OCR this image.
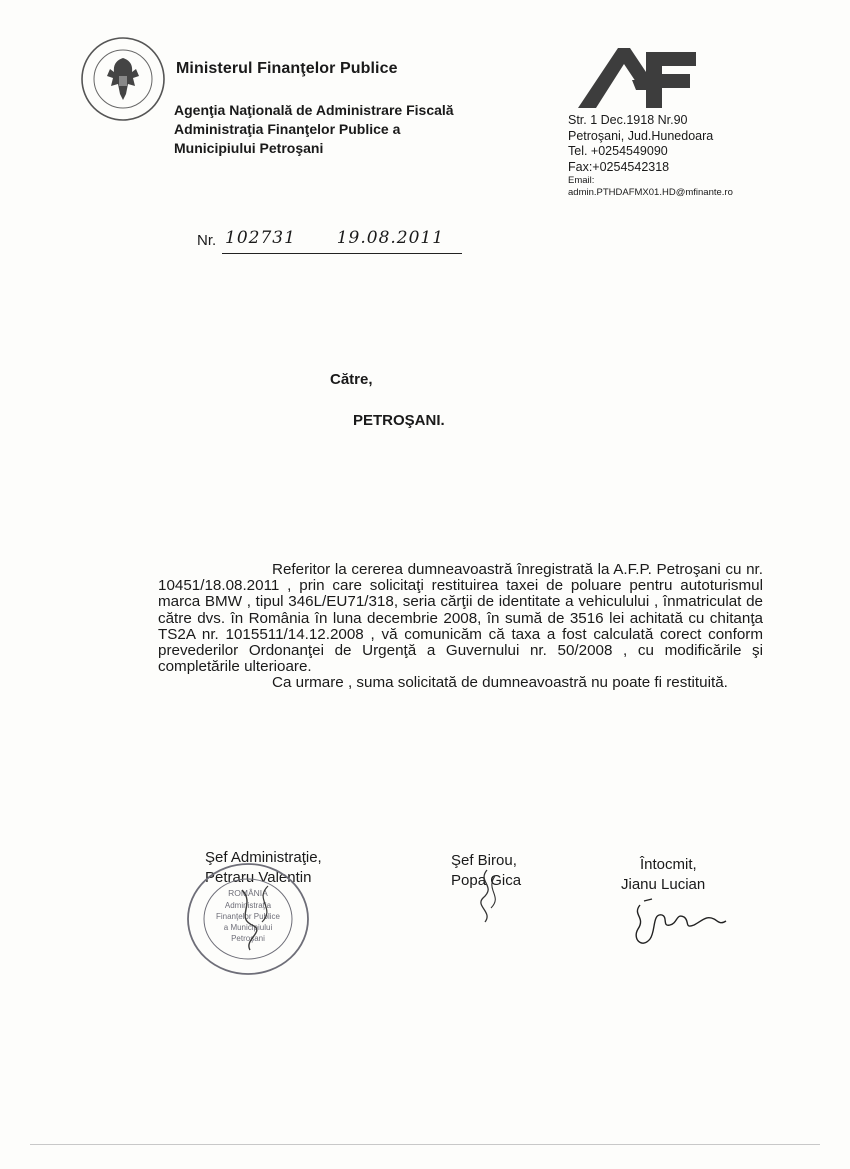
Ministerul Finanţelor Publice
Agenţia Naţională de Administrare Fiscală
Administraţia Finanţelor Publice a
Municipiului Petroşani
Str. 1 Dec.1918 Nr.90
Petroşani, Jud.Hunedoara
Tel. +0254549090
Fax:+0254542318
Email:
admin.PTHDAFMX01.HD@mfinante.ro
Nr. 102731 19.08.2011
Către,
PETROŞANI.

Referitor la cererea dumneavoastră înregistrată la A.F.P. Petroşani cu nr. 10451/18.08.2011 , prin care solicitaţi restituirea taxei de poluare pentru autoturismul marca BMW , tipul 346L/EU71/318, seria cărţii de identitate a vehiculului , înmatriculat de către dvs. în România în luna decembrie 2008, în sumă de 3516 lei achitată cu chitanţa TS2A nr. 1015511/14.12.2008 , vă comunicăm că taxa a fost calculată corect conform prevederilor Ordonanţei de Urgenţă a Guvernului nr. 50/2008 , cu modificările şi completările ulterioare.

Ca urmare , suma solicitată de dumneavoastră nu poate fi restituită.

Şef Administraţie,
Petraru Valentin
Şef Birou,
Popa Gica
Întocmit,
Jianu Lucian
ROMÂNIA
Administraţia
Finanţelor Publice
a Municipiului
Petroşani
